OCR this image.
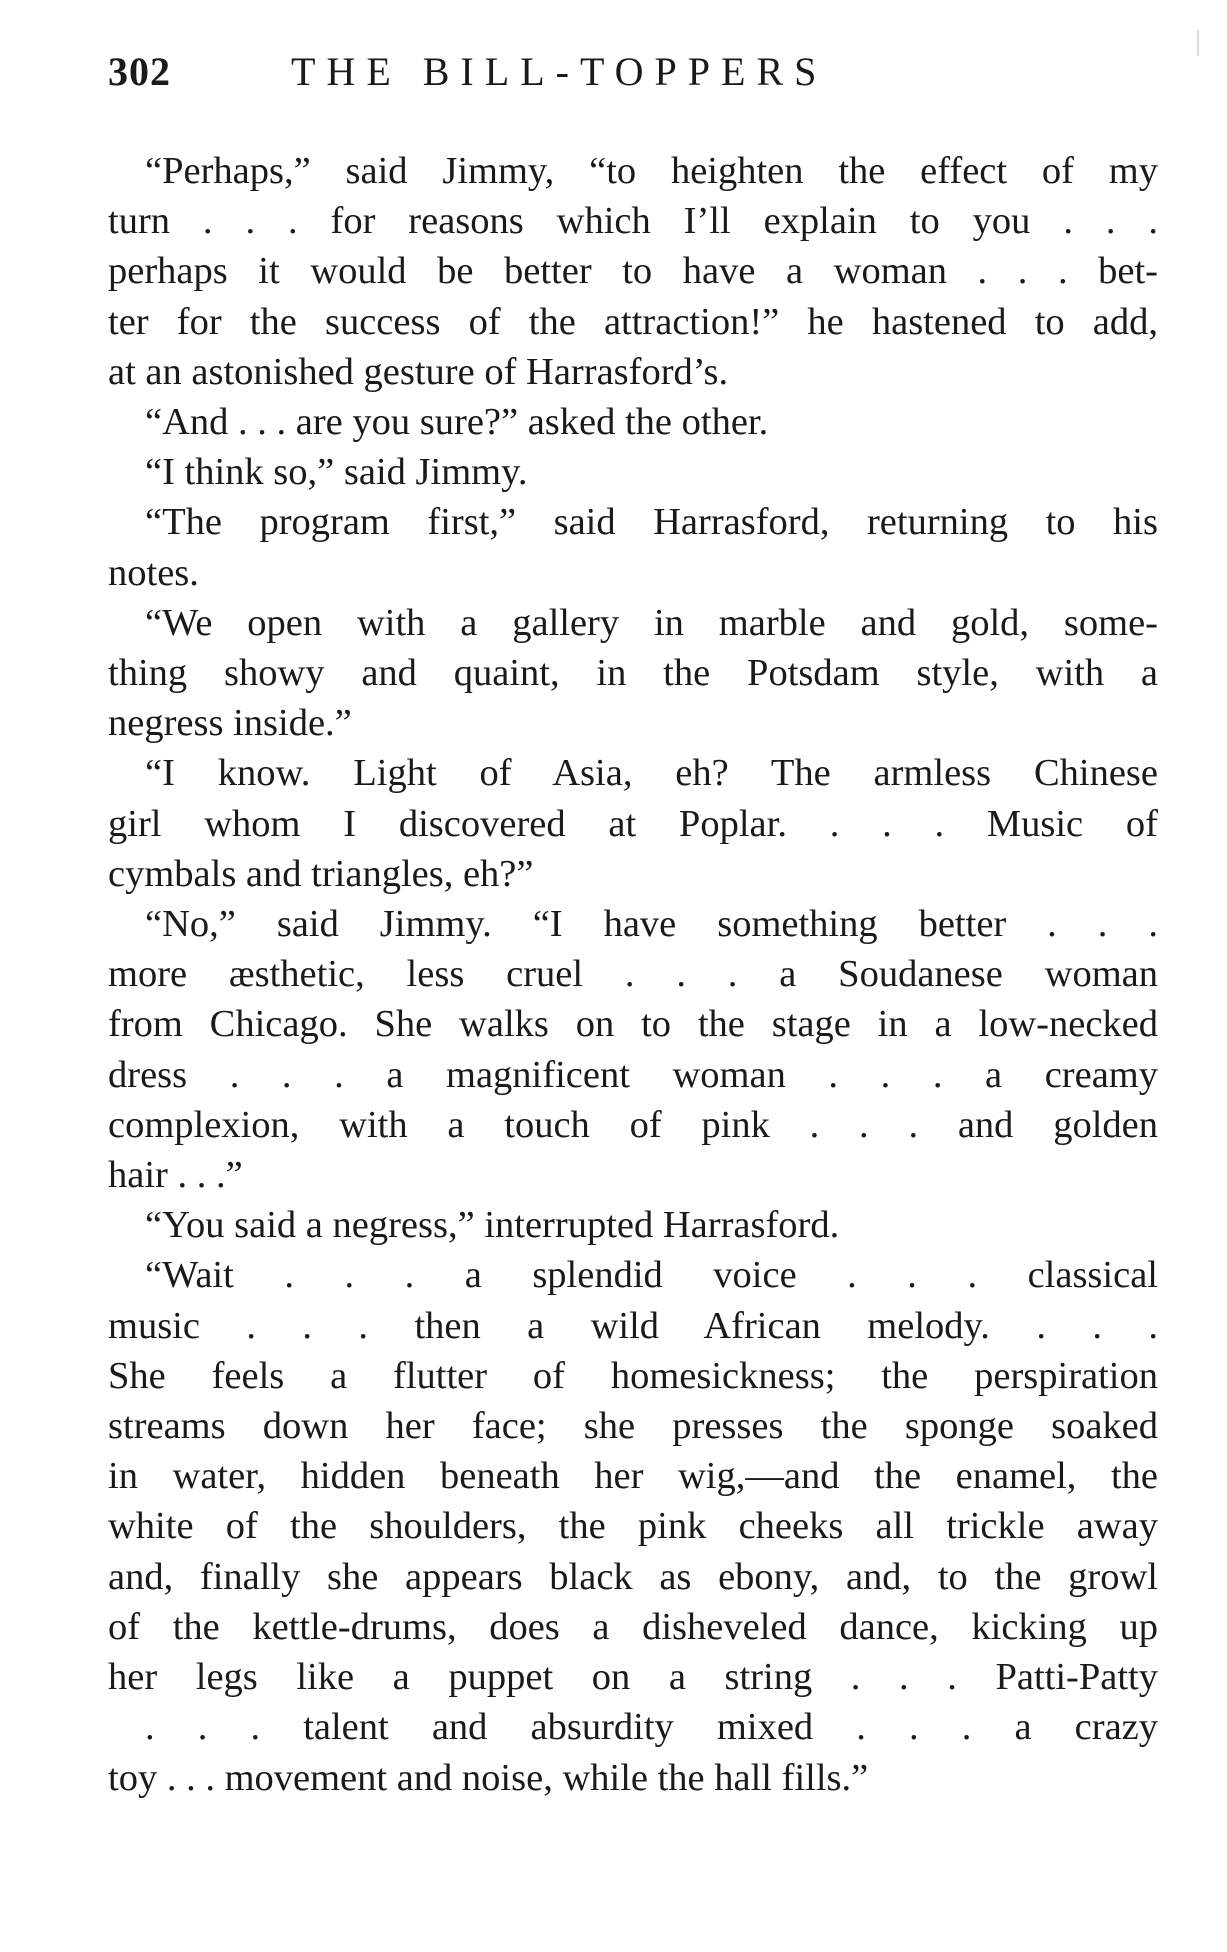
302	THE BILL-TOPPERS
“Perhaps,” said Jimmy, “to heighten the effect of my
turn . . . for reasons which I’ll explain to you . . .
perhaps it would be better to have a woman . . . bet-
ter for the success of the attraction!” he hastened to add,
at an astonished gesture of Harrasford’s.
“And . . . are you sure?” asked the other.
“I think so,” said Jimmy.
“The program first,” said Harrasford, returning to his
notes.
“We open with a gallery in marble and gold, some-
thing showy and quaint, in the Potsdam style, with a
negress inside.”
“I know. Light of Asia, eh? The armless Chinese
girl whom I discovered at Poplar. . . . Music of
cymbals and triangles, eh?”
“No,” said Jimmy. “I have something better . . .
more æsthetic, less cruel . . . a Soudanese woman
from Chicago. She walks on to the stage in a low-necked
dress . . . a magnificent woman . . . a creamy
complexion, with a touch of pink . . . and golden
hair . . .”
“You said a negress,” interrupted Harrasford.
“Wait . . . a splendid voice . . . classical
music . . . then a wild African melody. . . .
She feels a flutter of homesickness; the perspiration
streams down her face; she presses the sponge soaked
in water, hidden beneath her wig,—and the enamel, the
white of the shoulders, the pink cheeks all trickle away
and, finally she appears black as ebony, and, to the growl
of the kettle-drums, does a disheveled dance, kicking up
her legs like a puppet on a string . . . Patti-Patty
. . . talent and absurdity mixed . . . a crazy
toy . . . movement and noise, while the hall fills.”
